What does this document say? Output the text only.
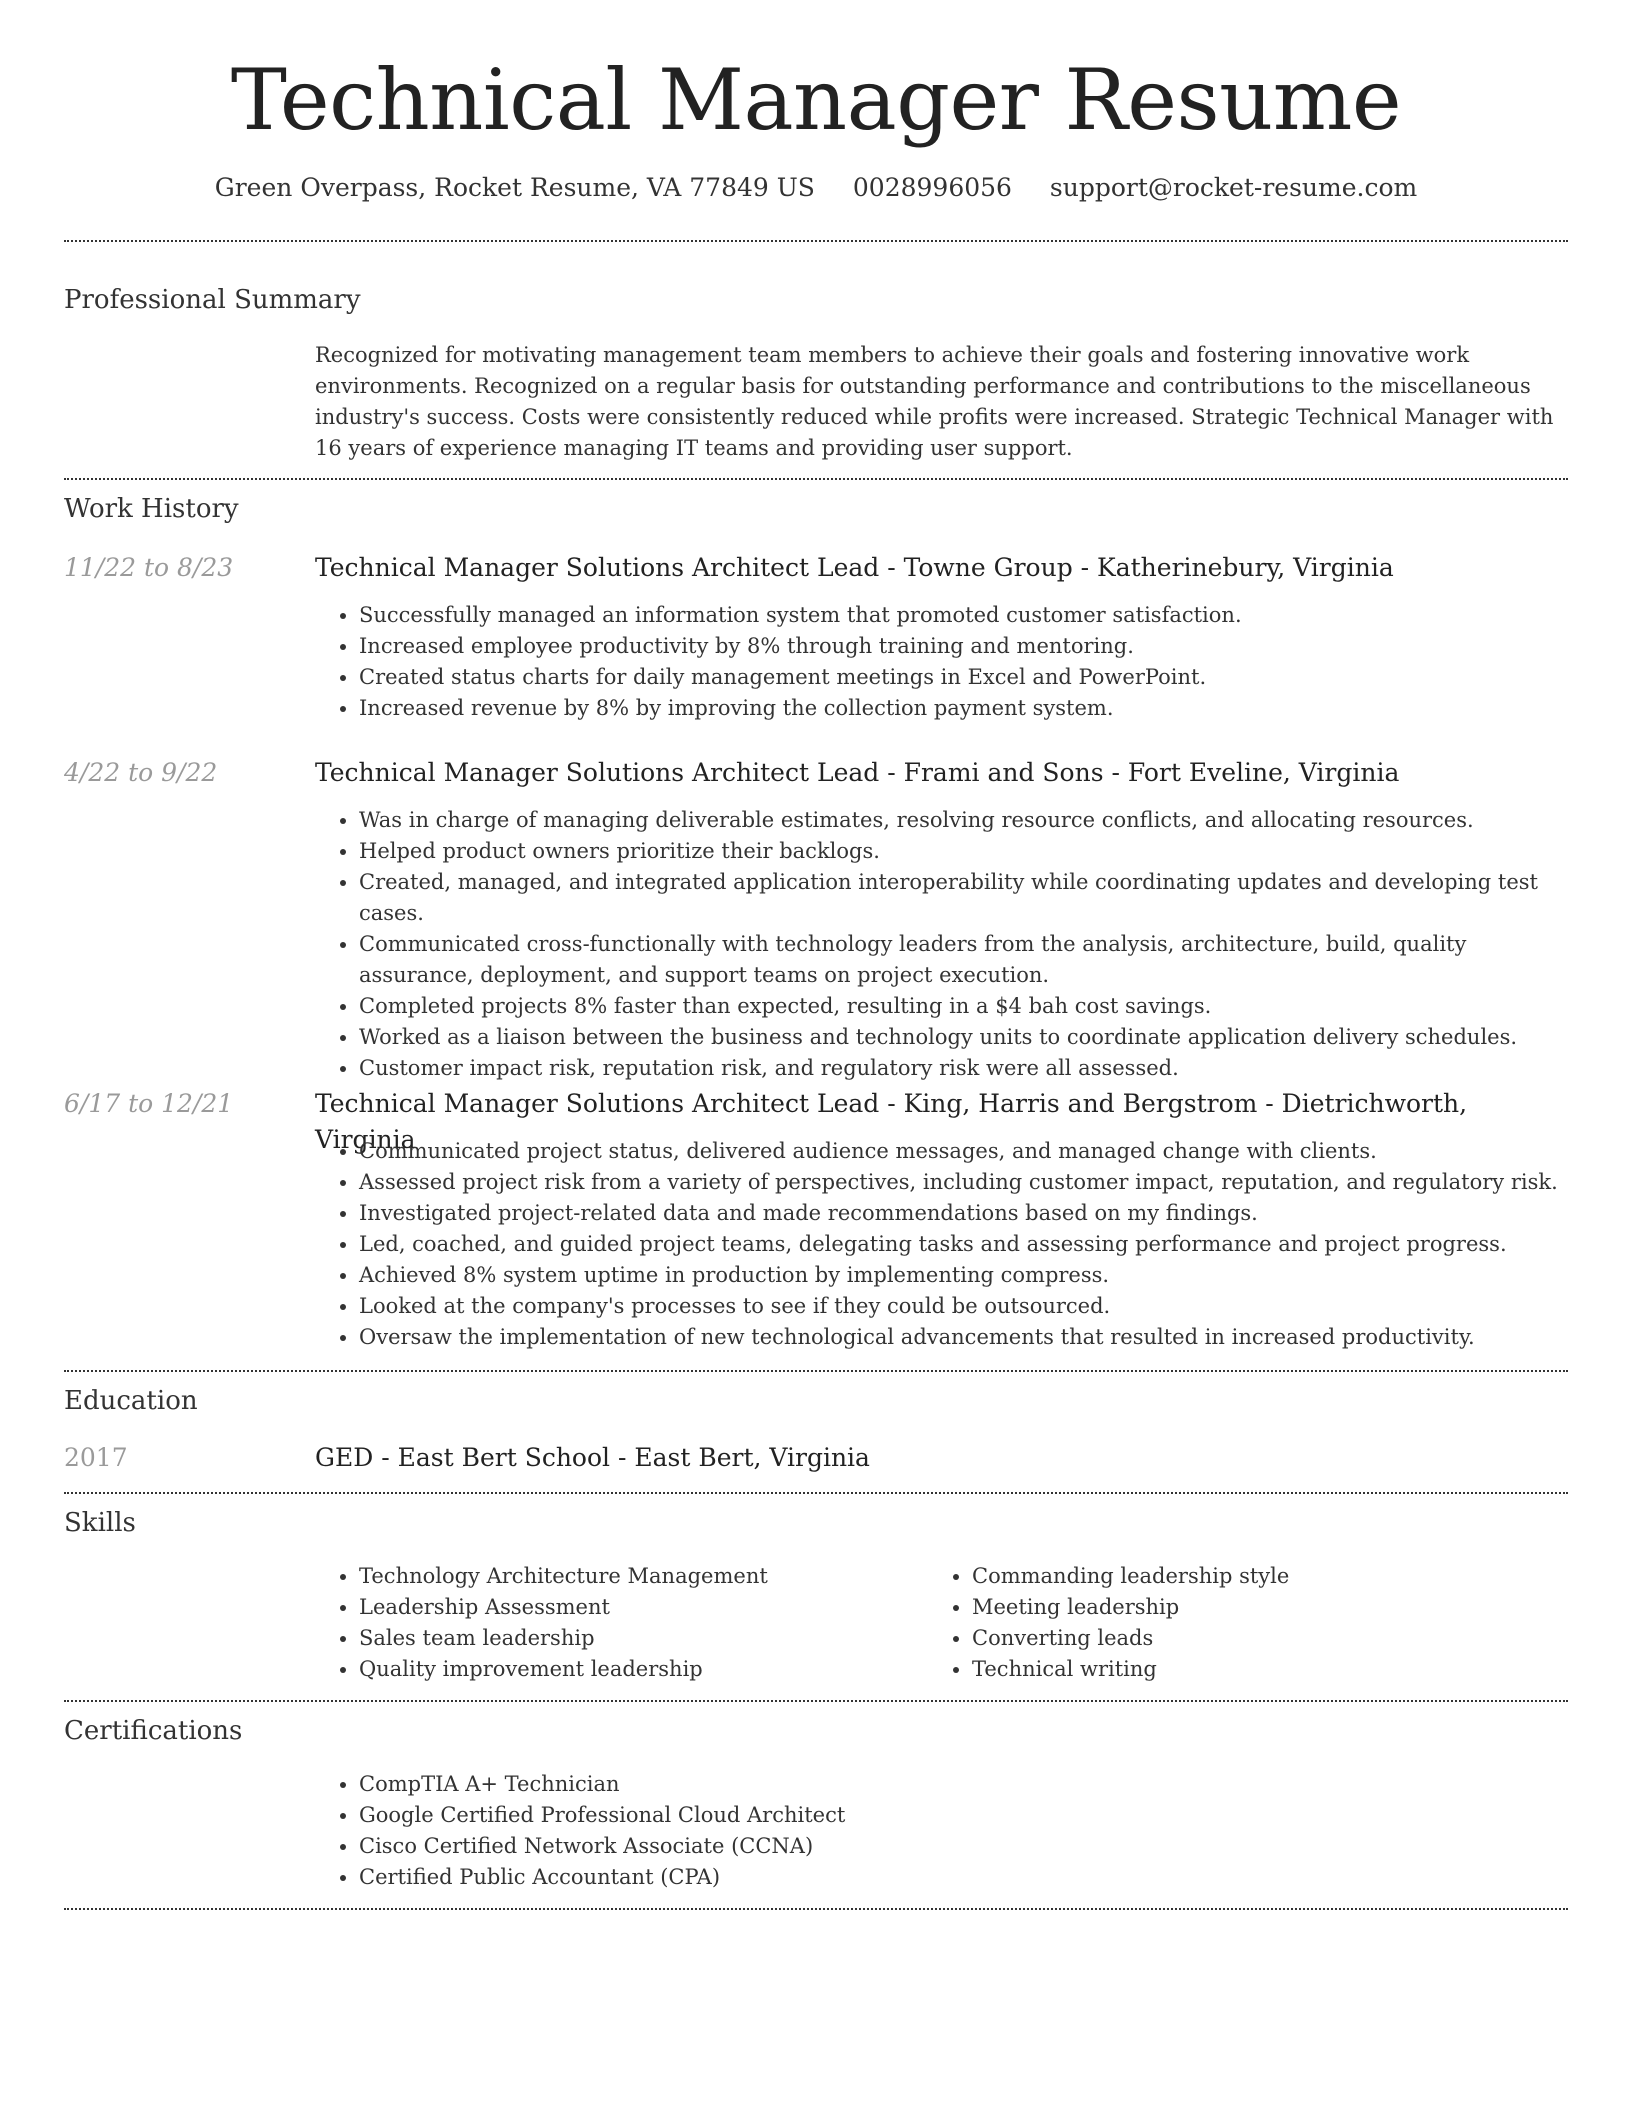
Technical Manager Resume
Green Overpass, Rocket Resume, VA 77849 US 0028996056 support@rocket-resume.com
Professional Summary

Recognized for motivating management team members to achieve their goals and fostering innovative work environments. Recognized on a regular basis for outstanding performance and contributions to the miscellaneous industry's success. Costs were consistently reduced while profits were increased. Strategic Technical Manager with 16 years of experience managing IT teams and providing user support.

Work History
11/22 to 8/23	Technical Manager Solutions Architect Lead - Towne Group - Katherinebury, Virginia
• Successfully managed an information system that promoted customer satisfaction.
• Increased employee productivity by 8% through training and mentoring.
• Created status charts for daily management meetings in Excel and PowerPoint.
• Increased revenue by 8% by improving the collection payment system.
4/22 to 9/22	Technical Manager Solutions Architect Lead - Frami and Sons - Fort Eveline, Virginia
• Was in charge of managing deliverable estimates, resolving resource conflicts, and allocating resources.
• Helped product owners prioritize their backlogs.
• Created, managed, and integrated application interoperability while coordinating updates and developing test cases.
• Communicated cross-functionally with technology leaders from the analysis, architecture, build, quality assurance, deployment, and support teams on project execution.
• Completed projects 8% faster than expected, resulting in a $4 bah cost savings.
• Worked as a liaison between the business and technology units to coordinate application delivery schedules.
• Customer impact risk, reputation risk, and regulatory risk were all assessed.
6/17 to 12/21	Technical Manager Solutions Architect Lead - King, Harris and Bergstrom - Dietrichworth, Virginia
• Communicated project status, delivered audience messages, and managed change with clients.
• Assessed project risk from a variety of perspectives, including customer impact, reputation, and regulatory risk.
• Investigated project-related data and made recommendations based on my findings.
• Led, coached, and guided project teams, delegating tasks and assessing performance and project progress.
• Achieved 8% system uptime in production by implementing compress.
• Looked at the company's processes to see if they could be outsourced.
• Oversaw the implementation of new technological advancements that resulted in increased productivity.
Education
2017	GED - East Bert School - East Bert, Virginia
Skills
• Technology Architecture Management
• Leadership Assessment
• Sales team leadership
• Quality improvement leadership
• Commanding leadership style
• Meeting leadership
• Converting leads
• Technical writing
Certifications
• CompTIA A+ Technician
• Google Certified Professional Cloud Architect
• Cisco Certified Network Associate (CCNA)
• Certified Public Accountant (CPA)
